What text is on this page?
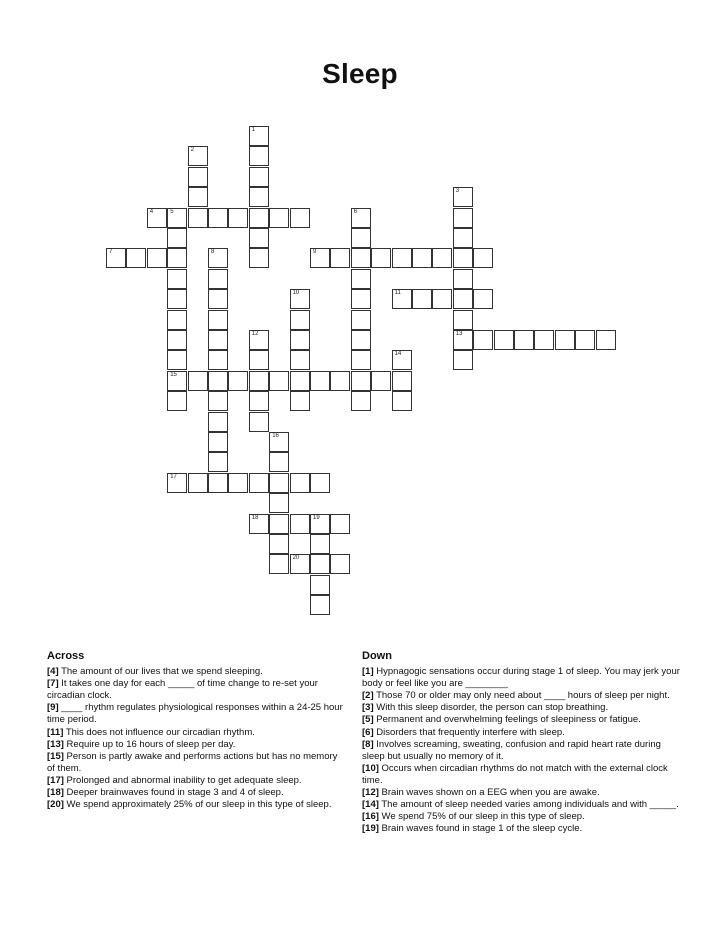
Sleep
4	5
7	9
11
13
15
17
18	19
20
1
2
3
6
8
10
12
14
16
Across
[4] The amount of our lives that we spend sleeping.
[7] It takes one day for each _____ of time change to re-set your circadian clock.
[9] ____ rhythm regulates physiological responses within a 24-25 hour time period.
[11] This does not influence our circadian rhythm.
[13] Require up to 16 hours of sleep per day.
[15] Person is partly awake and performs actions but has no memory of them.
[17] Prolonged and abnormal inability to get adequate sleep.
[18] Deeper brainwaves found in stage 3 and 4 of sleep.
[20] We spend approximately 25% of our sleep in this type of sleep.
Down
[1] Hypnagogic sensations occur during stage 1 of sleep. You may jerk your body or feel like you are ________
[2] Those 70 or older may only need about ____ hours of sleep per night.
[3] With this sleep disorder, the person can stop breathing.
[5] Permanent and overwhelming feelings of sleepiness or fatigue.
[6] Disorders that frequently interfere with sleep.
[8] Involves screaming, sweating, confusion and rapid heart rate during sleep but usually no memory of it.
[10] Occurs when circadian rhythms do not match with the external clock time.
[12] Brain waves shown on a EEG when you are awake.
[14] The amount of sleep needed varies among individuals and with _____.
[16] We spend 75% of our sleep in this type of sleep.
[19] Brain waves found in stage 1 of the sleep cycle.
